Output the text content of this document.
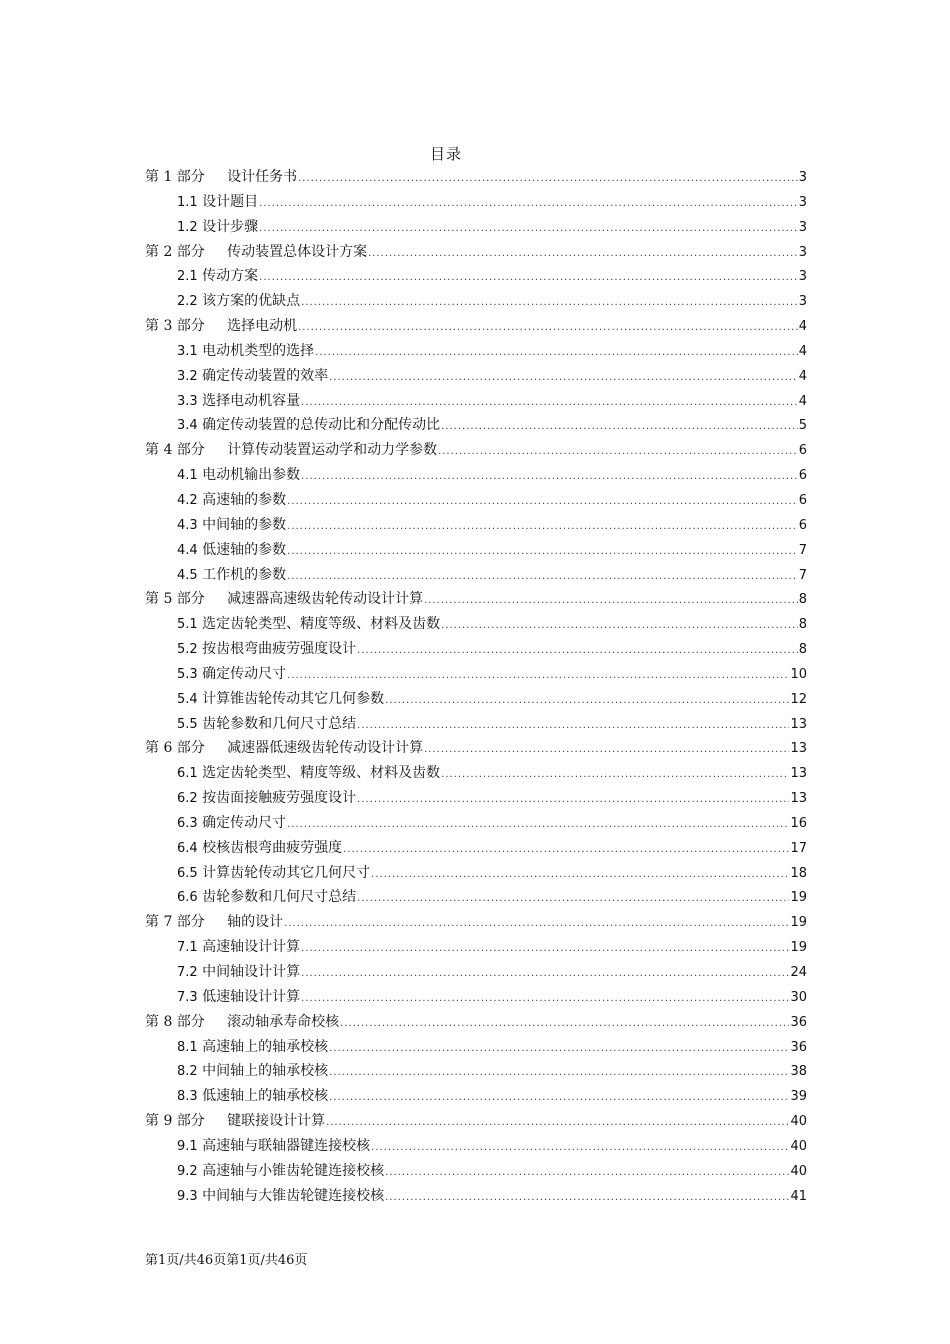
目录
第 1 部分 设计任务书 .....	3
1.1 设计题目 .....	3
1.2 设计步骤 .....	3
第 2 部分 传动装置总体设计方案 .....	3
2.1 传动方案 .....	3
2.2 该方案的优缺点 .....	3
第 3 部分 选择电动机 .....	4
3.1 电动机类型的选择 .....	4
3.2 确定传动装置的效率 .....	4
3.3 选择电动机容量 .....	4
3.4 确定传动装置的总传动比和分配传动比 .....	5
第 4 部分 计算传动装置运动学和动力学参数 .....	6
4.1 电动机输出参数 .....	6
4.2 高速轴的参数 .....	6
4.3 中间轴的参数 .....	6
4.4 低速轴的参数 .....	7
4.5 工作机的参数 .....	7
第 5 部分 减速器高速级齿轮传动设计计算 .....	8
5.1 选定齿轮类型、精度等级、材料及齿数 .....	8
5.2 按齿根弯曲疲劳强度设计 .....	8
5.3 确定传动尺寸 .....	10
5.4 计算锥齿轮传动其它几何参数 .....	12
5.5 齿轮参数和几何尺寸总结 .....	13
第 6 部分 减速器低速级齿轮传动设计计算 .....	13
6.1 选定齿轮类型、精度等级、材料及齿数 .....	13
6.2 按齿面接触疲劳强度设计 .....	13
6.3 确定传动尺寸 .....	16
6.4 校核齿根弯曲疲劳强度 .....	17
6.5 计算齿轮传动其它几何尺寸 .....	18
6.6 齿轮参数和几何尺寸总结 .....	19
第 7 部分 轴的设计 .....	19
7.1 高速轴设计计算 .....	19
7.2 中间轴设计计算 .....	24
7.3 低速轴设计计算 .....	30
第 8 部分 滚动轴承寿命校核 .....	36
8.1 高速轴上的轴承校核 .....	36
8.2 中间轴上的轴承校核 .....	38
8.3 低速轴上的轴承校核 .....	39
第 9 部分 键联接设计计算 .....	40
9.1 高速轴与联轴器键连接校核 .....	40
9.2 高速轴与小锥齿轮键连接校核 .....	40
9.3 中间轴与大锥齿轮键连接校核 .....	41
第1页/共46页第1页/共46页
